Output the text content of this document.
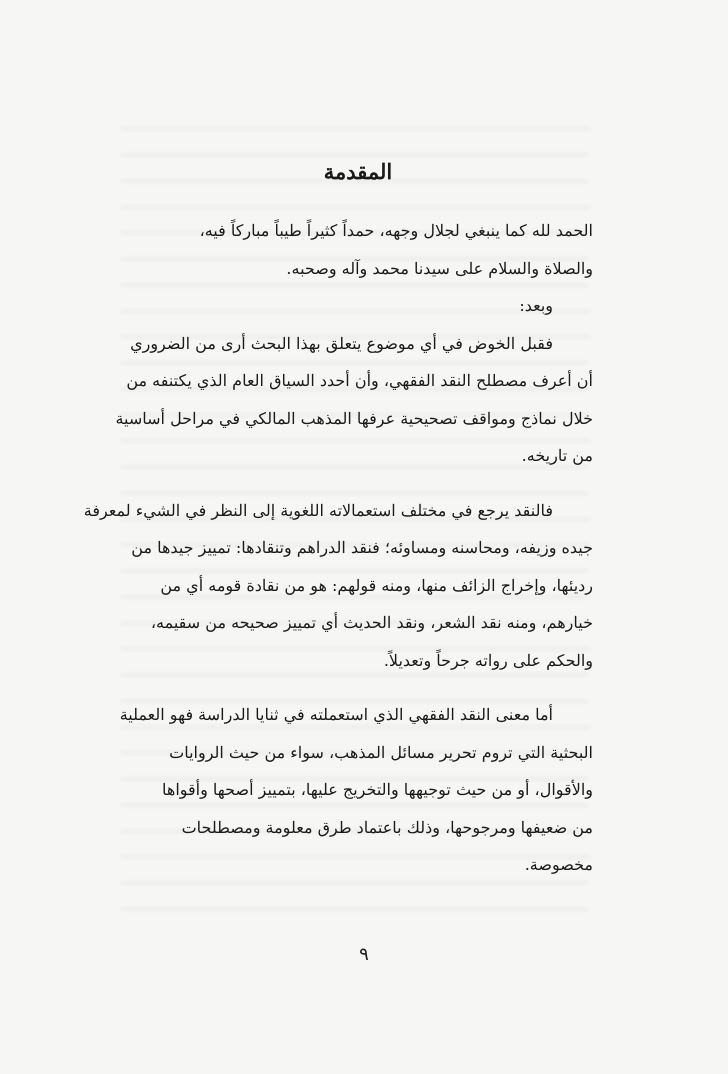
المقدمة
الحمد لله كما ينبغي لجلال وجهه، حمداً كثيراً طيباً مباركاً فيه،
والصلاة والسلام على سيدنا محمد وآله وصحبه.
وبعد:
فقبل الخوض في أي موضوع يتعلق بهذا البحث أرى من الضروري
أن أعرف مصطلح النقد الفقهي، وأن أحدد السياق العام الذي يكتنفه من
خلال نماذج ومواقف تصحيحية عرفها المذهب المالكي في مراحل أساسية
من تاريخه.
فالنقد يرجع في مختلف استعمالاته اللغوية إلى النظر في الشيء لمعرفة
جيده وزيفه، ومحاسنه ومساوئه؛ فنقد الدراهم وتنقادها: تمييز جيدها من
رديئها، وإخراج الزائف منها، ومنه قولهم: هو من نقادة قومه أي من
خيارهم، ومنه نقد الشعر، ونقد الحديث أي تمييز صحيحه من سقيمه،
والحكم على رواته جرحاً وتعديلاً.
أما معنى النقد الفقهي الذي استعملته في ثنايا الدراسة فهو العملية
البحثية التي تروم تحرير مسائل المذهب، سواء من حيث الروايات
والأقوال، أو من حيث توجيهها والتخريج عليها، بتمييز أصحها وأقواها
من ضعيفها ومرجوحها، وذلك باعتماد طرق معلومة ومصطلحات
مخصوصة.
٩
